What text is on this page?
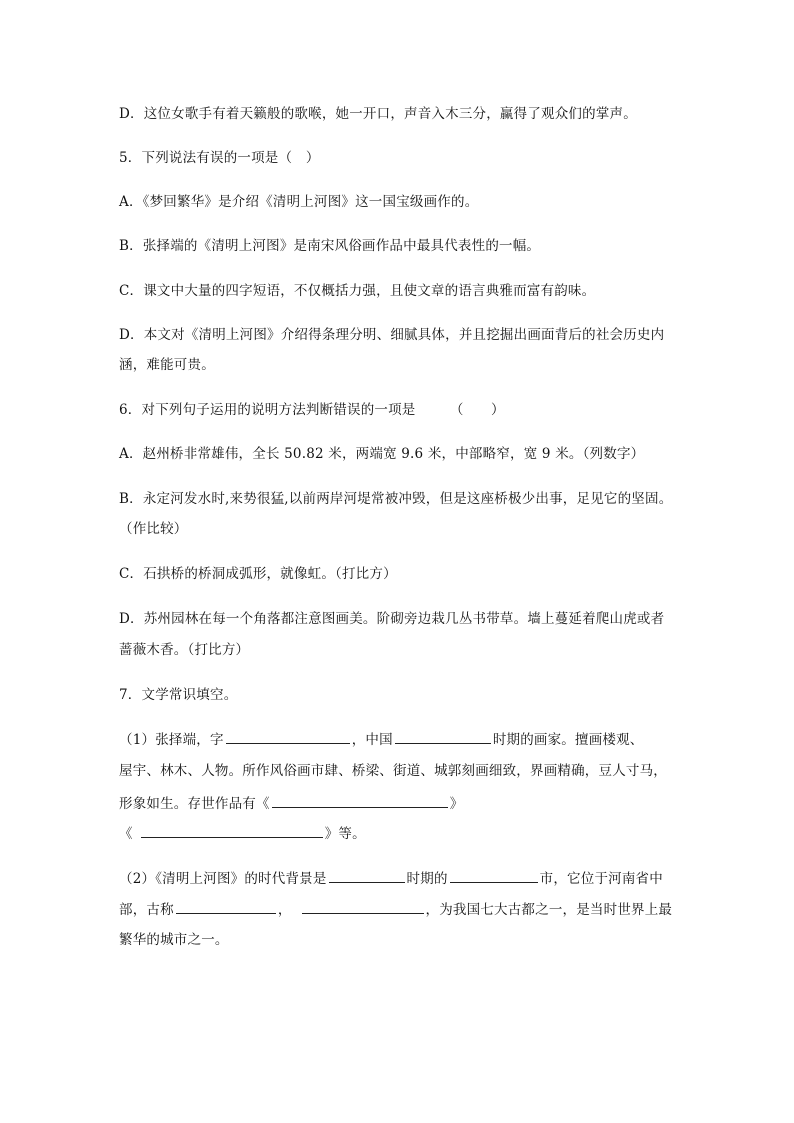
D．这位女歌手有着天籁般的歌喉，她一开口，声音入木三分，赢得了观众们的掌声。
5．下列说法有误的一项是（　）
A．《梦回繁华》是介绍《清明上河图》这一国宝级画作的。
B．张择端的《清明上河图》是南宋风俗画作品中最具代表性的一幅。
C．课文中大量的四字短语，不仅概括力强，且使文章的语言典雅而富有韵味。
D．本文对《清明上河图》介绍得条理分明、细腻具体，并且挖掘出画面背后的社会历史内
涵，难能可贵。
6．对下列句子运用的说明方法判断错误的一项是　　　（　　）
A．赵州桥非常雄伟，全长 50.82 米，两端宽 9.6 米，中部略窄，宽 9 米。（列数字）
B．永定河发水时,来势很猛,以前两岸河堤常被冲毁，但是这座桥极少出事，足见它的坚固。
（作比较）
C．石拱桥的桥洞成弧形，就像虹。（打比方）
D．苏州园林在每一个角落都注意图画美。阶砌旁边栽几丛书带草。墙上蔓延着爬山虎或者
蔷薇木香。（打比方）
7．文学常识填空。
（1）张择端，字	，中国	时期的画家。擅画楼观、
屋宇、林木、人物。所作风俗画市肆、桥梁、街道、城郭刻画细致，界画精确，豆人寸马，
形象如生。存世作品有《	》
《	》等。
（2）《清明上河图》的时代背景是	时期的	市，它位于河南省中
部，古称	，	，为我国七大古都之一，是当时世界上最
繁华的城市之一。
